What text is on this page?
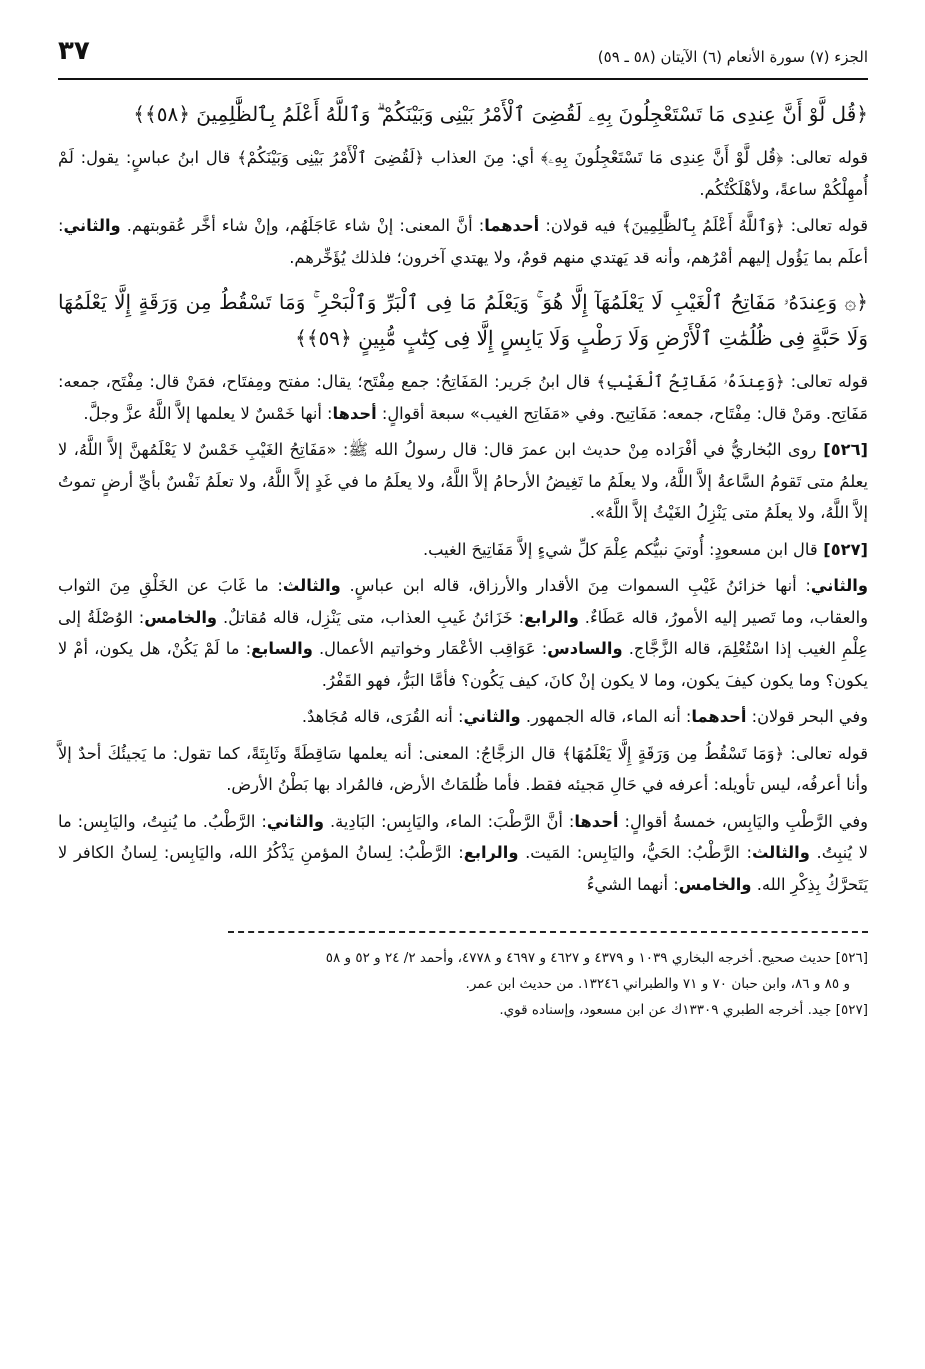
الجزء (٧) سورة الأنعام (٦) الآيتان (٥٨ ـ ٥٩)
٣٧

﴿قُل لَّوْ أَنَّ عِندِى مَا تَسْتَعْجِلُونَ بِهِۦ لَقُضِىَ ٱلْأَمْرُ بَيْنِى وَبَيْنَكُمْ ۗ وَٱللَّهُ أَعْلَمُ بِٱلظَّٰلِمِينَ ﴿٥٨﴾﴾

قوله تعالى: ﴿قُل لَّوْ أَنَّ عِندِى مَا تَسْتَعْجِلُونَ بِهِۦ﴾ أي: مِنَ العذاب ﴿لَقُضِىَ ٱلْأَمْرُ بَيْنِى وَبَيْنَكُمْ﴾ قال ابنُ عباسٍ: يقول: لَمْ أُمهِلْكُمْ ساعةً، ولأهْلَكْتُكُم.

قوله تعالى: ﴿وَٱللَّهُ أَعْلَمُ بِٱلظَّٰلِمِينَ﴾ فيه قولان: أحدهما: أنَّ المعنى: إنْ شاء عَاجَلَهُم، وإنْ شاء أخَّر عُقوبتهم. والثاني: أعلَم بما يَؤُول إليهم أمْرُهم، وأنه قد يَهتدي منهم قومٌ، ولا يهتدي آخرون؛ فلذلك يُؤَخِّرهم.

﴿۞ وَعِندَهُۥ مَفَاتِحُ ٱلْغَيْبِ لَا يَعْلَمُهَآ إِلَّا هُوَ ۚ وَيَعْلَمُ مَا فِى ٱلْبَرِّ وَٱلْبَحْرِ ۚ وَمَا تَسْقُطُ مِن وَرَقَةٍ إِلَّا يَعْلَمُهَا وَلَا حَبَّةٍ فِى ظُلُمَٰتِ ٱلْأَرْضِ وَلَا رَطْبٍ وَلَا يَابِسٍ إِلَّا فِى كِتَٰبٍ مُّبِينٍ ﴿٥٩﴾﴾

قوله تعالى: ﴿وَعِندَهُۥ مَفَاتِحُ ٱلْغَيْبِ﴾ قال ابنُ جَرير: المَفَاتِحُ: جمع مِفْتَح؛ يقال: مفتح ومِفتَاح، فمَنْ قال: مِفْتَح، جمعه: مَفَاتِح. ومَنْ قال: مِفْتَاح، جمعه: مَفَاتِيح. وفي «مَفَاتِح الغيب» سبعة أقوالٍ: أحدها: أنها خَمْسٌ لا يعلمها إلاَّ اللَّهُ عزَّ وجلَّ.

[٥٢٦] روى البُخاريُّ في أفْرَاده مِنْ حديث ابن عمرَ قال: قال رسولُ الله ﷺ: «مَفَاتِحُ الغَيْبِ خَمْسٌ لا يَعْلَمُهنَّ إلاَّ اللَّهُ، لا يعلمُ متى تَقومُ السَّاعةُ إلاَّ اللَّهُ، ولا يعلَمُ ما تَغِيضُ الأرحامُ إلاَّ اللَّهُ، ولا يعلَمُ ما في غَدٍ إلاَّ اللَّهُ، ولا تعلَمُ نَفْسٌ بأيِّ أرضٍ تموتُ إلاَّ اللَّهُ، ولا يعلَمُ متى يَنْزِلُ الغَيْثُ إلاَّ اللَّهُ».

[٥٢٧] قال ابن مسعودٍ: أُوتيَ نبيُّكم عِلْمَ كلِّ شيءٍ إلاَّ مَفَاتِيحَ الغيب.

والثاني: أنها خزائنُ غَيْبِ السموات مِنَ الأقدار والأرزاق، قاله ابن عباسٍ. والثالث: ما غَابَ عن الخَلْقِ مِنَ الثواب والعقاب، وما تَصير إليه الأمورُ، قاله عَطَاءٌ. والرابع: خَزَائنُ غَيبِ العذاب، متى يَنْزِل، قاله مُقاتلٌ. والخامس: الوُصْلَةُ إلى عِلْمِ الغيب إذا اسْتُعْلِمَ، قاله الزَّجَّاج. والسادس: عَوَاقِب الأعْمَار وخواتيم الأعمال. والسابع: ما لَمْ يَكُنْ، هل يكون، أمْ لا يكون؟ وما يكون كيفَ يكون، وما لا يكون إنْ كانَ، كيف يَكُون؟ فأمَّا البَرُّ، فهو القَفْرُ.

وفي البحر قولان: أحدهما: أنه الماء، قاله الجمهور. والثاني: أنه القُرَى، قاله مُجَاهدٌ.

قوله تعالى: ﴿وَمَا تَسْقُطُ مِن وَرَقَةٍ إِلَّا يَعْلَمُهَا﴾ قال الزجَّاجُ: المعنى: أنه يعلمها سَاقِطَةً وثَابِتَةً، كما تقول: ما يَجيئُكَ أحدٌ إلاَّ وأنا أعرفُه، ليس تأويله: أعرفه في حَالِ مَجيئه فقط. فأما ظُلمَاتُ الأرض، فالمُراد بها بَطْنُ الأرض.

وفي الرَّطْبِ واليَابِس، خمسةُ أقوالٍ: أحدها: أنَّ الرَّطْبَ: الماء، واليَابِس: البَادِية. والثاني: الرَّطْبُ. ما يُنبِتُ، واليَابِس: ما لا يُنبِتُ. والثالث: الرَّطْبُ: الحَيُّ، واليَابِس: المَيت. والرابع: الرَّطْبُ: لِسانُ المؤمنِ يَذْكُرُ الله، واليَابِس: لِسانُ الكافر لا يَتَحرَّكُ بِذِكْرِ الله. والخامس: أنهما الشيءُ

[٥٢٦] حديث صحيح. أخرجه البخاري ١٠٣٩ و ٤٣٧٩ و ٤٦٢٧ و ٤٦٩٧ و ٤٧٧٨، وأحمد ٢/ ٢٤ و ٥٢ و ٥٨

و ٨٥ و ٨٦، وابن حبان ٧٠ و ٧١ والطبراني ١٣٢٤٦. من حديث ابن عمر.

[٥٢٧] جيد. أخرجه الطبري ١٣٣٠٩ك عن ابن مسعود، وإسناده قوي.
